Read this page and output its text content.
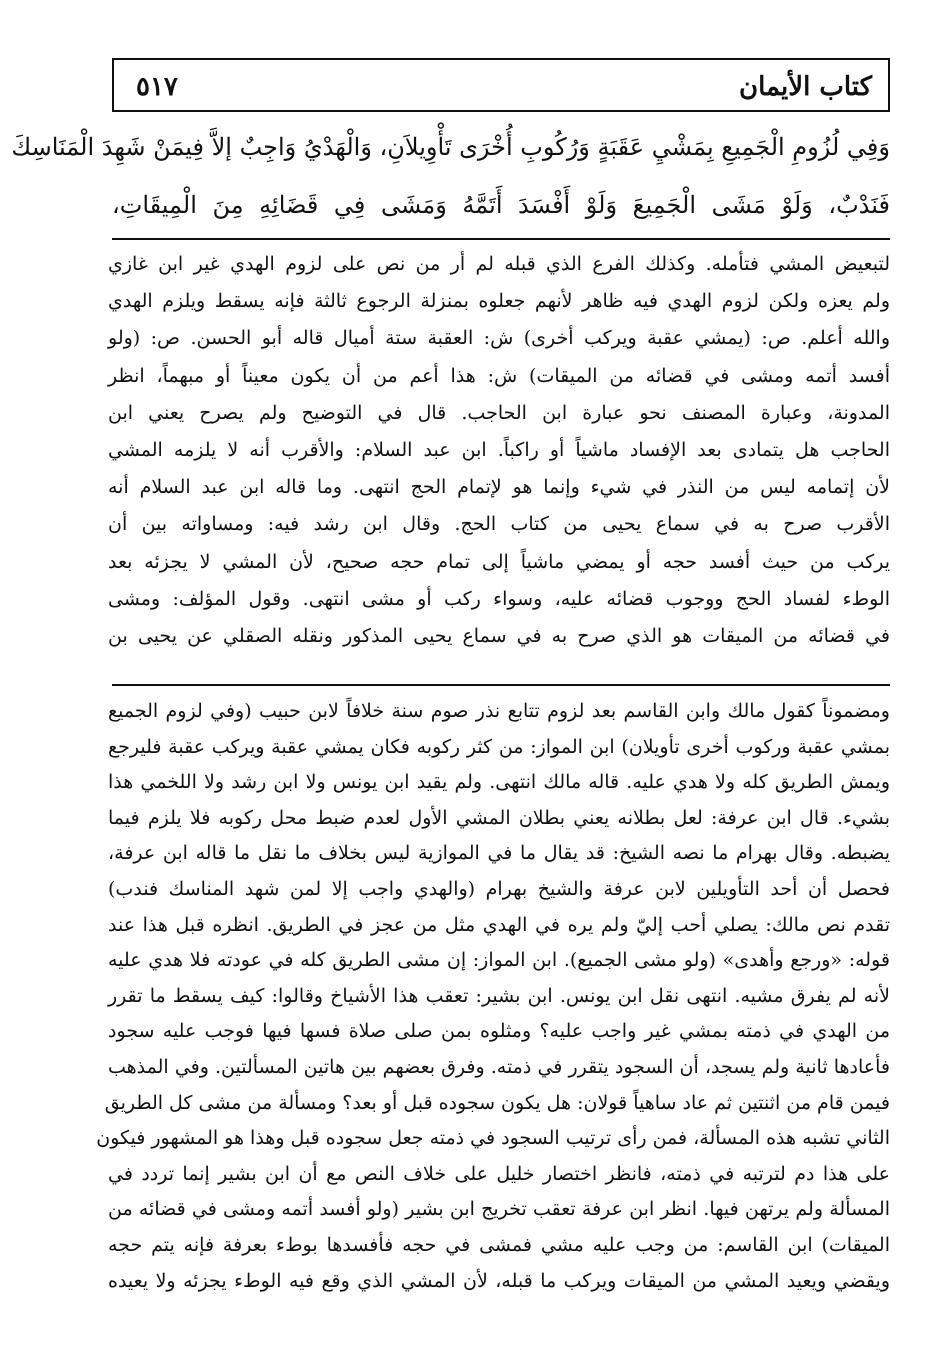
كتاب الأيمان
٥١٧
وَفِي لُزُومِ الْجَمِيعِ بِمَشْيِ عَقَبَةٍ وَرُكُوبِ أُخْرَى تَأْوِيلاَنِ، وَالْهَدْيُ وَاجِبٌ إلاَّ فِيمَنْ شَهِدَ الْمَنَاسِكَ
فَنَدْبٌ، وَلَوْ مَشَى الْجَمِيعَ وَلَوْ أَفْسَدَ أَتَمَّهُ وَمَشَى فِي قَضَائِهِ مِنَ الْمِيقَاتِ،
لتبعيض المشي فتأمله. وكذلك الفرع الذي قبله لم أر من نص على لزوم الهدي غير ابن غازي
ولم يعزه ولكن لزوم الهدي فيه ظاهر لأنهم جعلوه بمنزلة الرجوع ثالثة فإنه يسقط ويلزم الهدي
والله أعلم. ص: (يمشي عقبة ويركب أخرى) ش: العقبة ستة أميال قاله أبو الحسن. ص: (ولو
أفسد أتمه ومشى في قضائه من الميقات) ش: هذا أعم من أن يكون معيناً أو مبهماً، انظر
المدونة، وعبارة المصنف نحو عبارة ابن الحاجب. قال في التوضيح ولم يصرح يعني ابن
الحاجب هل يتمادى بعد الإفساد ماشياً أو راكباً. ابن عبد السلام: والأقرب أنه لا يلزمه المشي
لأن إتمامه ليس من النذر في شيء وإنما هو لإتمام الحج انتهى. وما قاله ابن عبد السلام أنه
الأقرب صرح به في سماع يحيى من كتاب الحج. وقال ابن رشد فيه: ومساواته بين أن
يركب من حيث أفسد حجه أو يمضي ماشياً إلى تمام حجه صحيح، لأن المشي لا يجزئه بعد
الوطء لفساد الحج ووجوب قضائه عليه، وسواء ركب أو مشى انتهى. وقول المؤلف: ومشى
في قضائه من الميقات هو الذي صرح به في سماع يحيى المذكور ونقله الصقلي عن يحيى بن
ومضموناً كقول مالك وابن القاسم بعد لزوم تتابع نذر صوم سنة خلافاً لابن حبيب (وفي لزوم الجميع
بمشي عقبة وركوب أخرى تأويلان) ابن المواز: من كثر ركوبه فكان يمشي عقبة ويركب عقبة فليرجع
ويمش الطريق كله ولا هدي عليه. قاله مالك انتهى. ولم يقيد ابن يونس ولا ابن رشد ولا اللخمي هذا
بشيء. قال ابن عرفة: لعل بطلانه يعني بطلان المشي الأول لعدم ضبط محل ركوبه فلا يلزم فيما
يضبطه. وقال بهرام ما نصه الشيخ: قد يقال ما في الموازية ليس بخلاف ما نقل ما قاله ابن عرفة،
فحصل أن أحد التأويلين لابن عرفة والشيخ بهرام (والهدي واجب إلا لمن شهد المناسك فندب)
تقدم نص مالك: يصلي أحب إليّ ولم يره في الهدي مثل من عجز في الطريق. انظره قبل هذا عند
قوله: «ورجع وأهدى» (ولو مشى الجميع). ابن المواز: إن مشى الطريق كله في عودته فلا هدي عليه
لأنه لم يفرق مشيه. انتهى نقل ابن يونس. ابن بشير: تعقب هذا الأشياخ وقالوا: كيف يسقط ما تقرر
من الهدي في ذمته بمشي غير واجب عليه؟ ومثلوه بمن صلى صلاة فسها فيها فوجب عليه سجود
فأعادها ثانية ولم يسجد، أن السجود يتقرر في ذمته. وفرق بعضهم بين هاتين المسألتين. وفي المذهب
فيمن قام من اثنتين ثم عاد ساهياً قولان: هل يكون سجوده قبل أو بعد؟ ومسألة من مشى كل الطريق
الثاني تشبه هذه المسألة، فمن رأى ترتيب السجود في ذمته جعل سجوده قبل وهذا هو المشهور فيكون
على هذا دم لترتبه في ذمته، فانظر اختصار خليل على خلاف النص مع أن ابن بشير إنما تردد في
المسألة ولم يرتهن فيها. انظر ابن عرفة تعقب تخريج ابن بشير (ولو أفسد أتمه ومشى في قضائه من
الميقات) ابن القاسم: من وجب عليه مشي فمشى في حجه فأفسدها بوطء بعرفة فإنه يتم حجه
ويقضي ويعيد المشي من الميقات ويركب ما قبله، لأن المشي الذي وقع فيه الوطء يجزئه ولا يعيده
